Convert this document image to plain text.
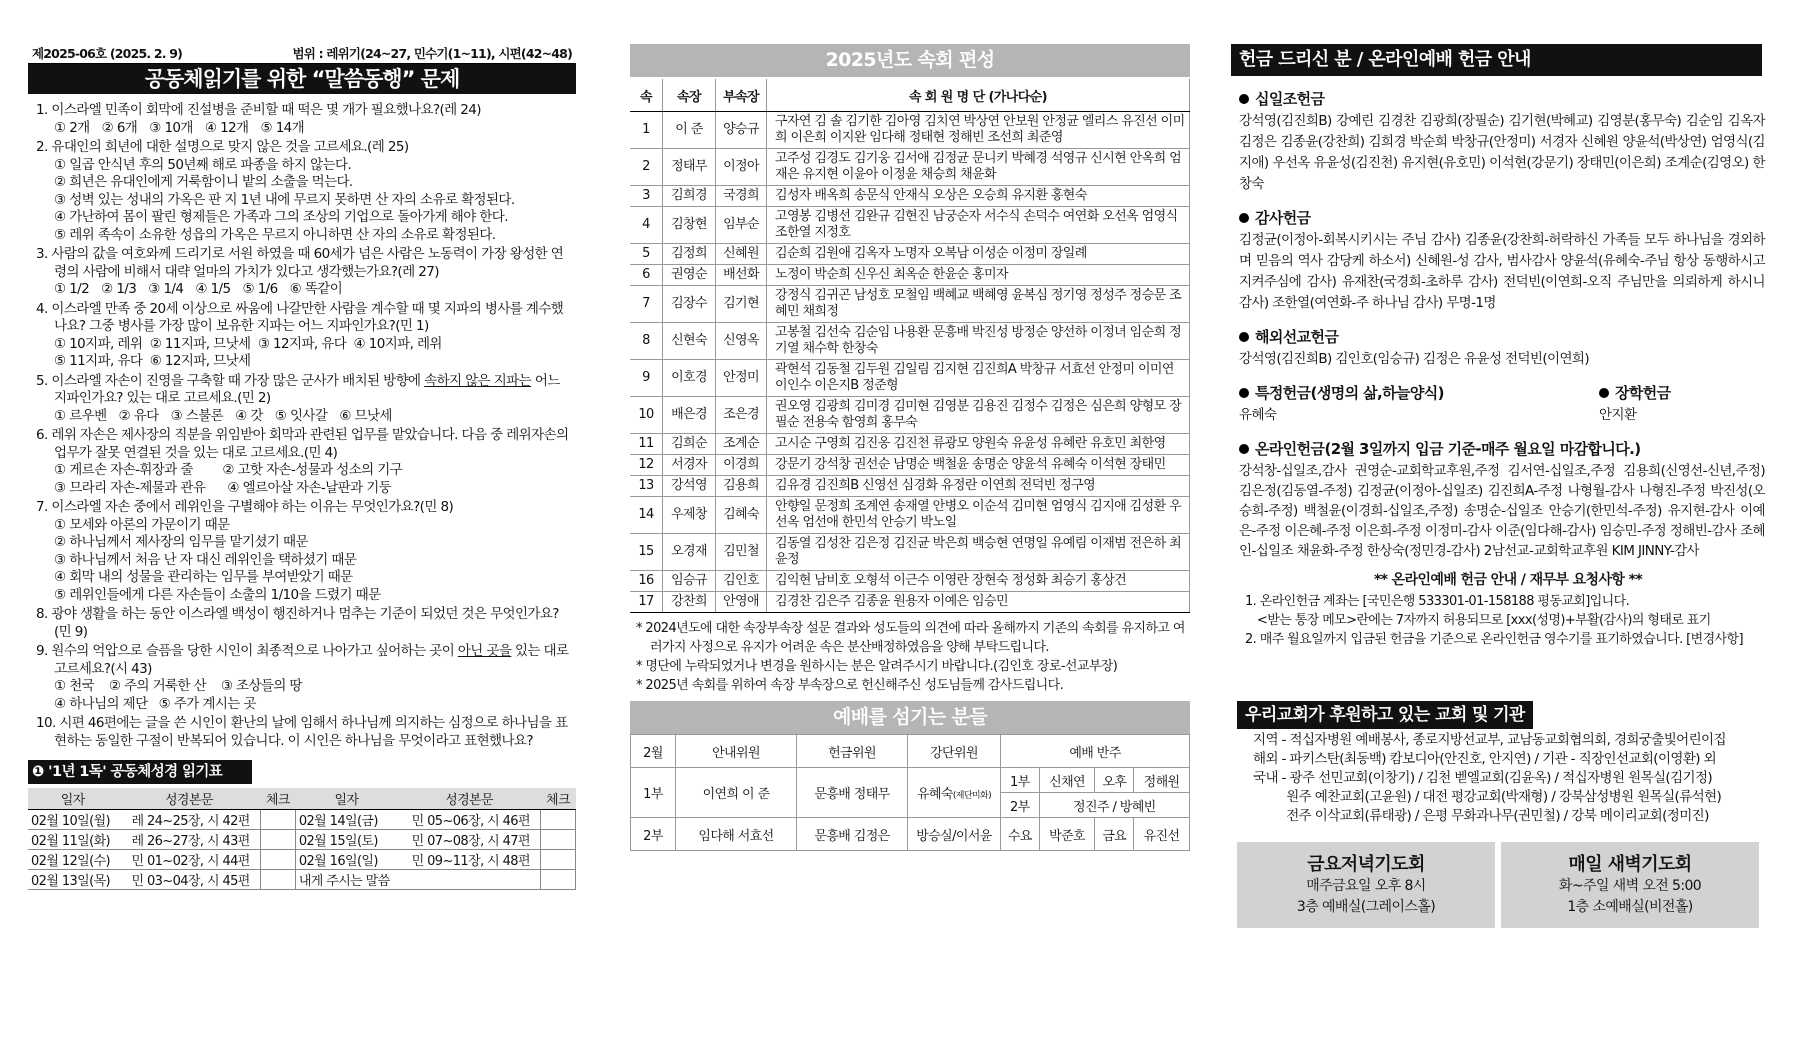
제2025-06호 (2025. 2. 9)	범위 : 레위기(24~27, 민수기(1~11), 시편(42~48)
공동체읽기를 위한 “말씀동행” 문제
1. 이스라엘 민족이 회막에 진설병을 준비할 때 떡은 몇 개가 필요했나요?(레 24)
① 2개 ② 6개 ③ 10개 ④ 12개 ⑤ 14개
2. 유대인의 희년에 대한 설명으로 맞지 않은 것을 고르세요.(레 25)
① 일곱 안식년 후의 50년째 해로 파종을 하지 않는다.
② 희년은 유대인에게 거룩함이니 밭의 소출을 먹는다.
③ 성벽 있는 성내의 가옥은 판 지 1년 내에 무르지 못하면 산 자의 소유로 확정된다.
④ 가난하여 몸이 팔린 형제들은 가족과 그의 조상의 기업으로 돌아가게 해야 한다.
⑤ 레위 족속이 소유한 성읍의 가옥은 무르지 아니하면 산 자의 소유로 확정된다.
3. 사람의 값을 여호와께 드리기로 서원 하였을 때 60세가 넘은 사람은 노동력이 가장 왕성한 연령의 사람에 비해서 대략 얼마의 가치가 있다고 생각했는가요?(레 27)
① 1/2 ② 1/3 ③ 1/4 ④ 1/5 ⑤ 1/6 ⑥ 똑같이
4. 이스라엘 만족 중 20세 이상으로 싸움에 나갈만한 사람을 계수할 때 몇 지파의 병사를 계수했나요? 그중 병사를 가장 많이 보유한 지파는 어느 지파인가요?(민 1)
① 10지파, 레위  ② 11지파, 므낫세  ③ 12지파, 유다  ④ 10지파, 레위
⑤ 11지파, 유다  ⑥ 12지파, 므낫세
5. 이스라엘 자손이 진영을 구축할 때 가장 많은 군사가 배치된 방향에 속하지 않은 지파는 어느 지파인가요? 있는 대로 고르세요.(민 2)
① 르우벤 ② 유다 ③ 스불론 ④ 갓 ⑤ 잇사갈 ⑥ 므낫세
6. 레위 자손은 제사장의 직분을 위임받아 회막과 관련된 업무를 맡았습니다. 다음 중 레위자손의 업무가 잘못 연결된 것을 있는 대로 고르세요.(민 4)
① 게르손 자손-휘장과 줄        ② 고핫 자손-성물과 성소의 기구
③ 므라리 자손-제물과 관유      ④ 엘르아살 자손-날판과 기둥
7. 이스라엘 자손 중에서 레위인을 구별해야 하는 이유는 무엇인가요?(민 8)
① 모세와 아론의 가문이기 때문
② 하나님께서 제사장의 임무를 맡기셨기 때문
③ 하나님께서 처음 난 자 대신 레위인을 택하셨기 때문
④ 회막 내의 성물을 관리하는 임무를 부여받았기 때문
⑤ 레위인들에게 다른 자손들이 소출의 1/10을 드렸기 때문
8. 광야 생활을 하는 동안 이스라엘 백성이 행진하거나 멈추는 기준이 되었던 것은 무엇인가요?(민 9)
9. 원수의 억압으로 슬픔을 당한 시인이 최종적으로 나아가고 싶어하는 곳이 아닌 곳을 있는 대로 고르세요?(시 43)
① 천국    ② 주의 거룩한 산    ③ 조상들의 땅
④ 하나님의 제단   ⑤ 주가 계시는 곳
10. 시편 46편에는 글을 쓴 시인이 환난의 날에 임해서 하나님께 의지하는 심정으로 하나님을 표현하는 동일한 구절이 반복되어 있습니다. 이 시인은 하나님을 무엇이라고 표현했나요?
❶ '1년 1독' 공동체성경 읽기표
일자	성경본문	체크	일자	성경본문	체크
02월 10일(월)	레 24~25장, 시 42편		02월 14일(금)	민 05~06장, 시 46편	
02월 11일(화)	레 26~27장, 시 43편		02월 15일(토)	민 07~08장, 시 47편	
02월 12일(수)	민 01~02장, 시 44편		02월 16일(일)	민 09~11장, 시 48편	
02월 13일(목)	민 03~04장, 시 45편		내게 주시는 말씀		
2025년도 속회 편성
속	속장	부속장	속 회 원 명 단 (가나다순)
1	이 준	양승규	구자연 김 솔 김기한 김아영 김치연 박상연 안보원 안정균 엘리스 유진선 이미희 이은희 이지완 임다해 정태현 정해빈 조선희 최준영
2	정태무	이정아	고주성 김경도 김기웅 김서애 김정균 문니키 박혜경 석영규 신시현 안옥희 엄재은 유지현 이윤아 이정윤 채승희 채윤화
3	김희경	국경희	김성자 배옥희 송문식 안재식 오상은 오승희 유지환 홍현숙
4	김창현	임부순	고영봉 김병선 김완규 김현진 남궁순자 서수식 손덕수 여연화 오선옥 엄영식 조한열 지정호
5	김정희	신혜원	김순희 김원애 김옥자 노명자 오복남 이성순 이정미 장일례
6	권영순	배선화	노정이 박순희 신우신 최옥순 한윤순 홍미자
7	김장수	김기현	강정식 김귀곤 남성호 모철임 백혜교 백혜영 윤복심 정기영 정성주 정승문 조혜민 채희정
8	신현숙	신영옥	고봉철 김선숙 김순임 나용환 문흥배 박진성 방정순 양선하 이정녀 임순희 정기열 채수학 한창숙
9	이호경	안정미	곽현석 김동철 김두원 김일림 김지현 김진희A 박창규 서효선 안정미 이미연 이인수 이은지B 정준형
10	배은경	조은경	권오영 김광희 김미경 김미현 김영분 김용진 김정수 김정은 심은희 양형모 장필순 전용숙 함영희 홍무숙
11	김희순	조계순	고시순 구영희 김진옹 김진천 류광모 양원숙 유윤성 유혜란 유호민 최한영
12	서경자	이경희	강문기 강석창 권선순 남명순 백철윤 송명순 양윤석 유혜숙 이석현 장태민
13	강석영	김용희	김유경 김진희B 신영선 심경화 유정란 이연희 전덕빈 정구영
14	우제창	김혜숙	안향일 문정희 조계연 송재열 안병오 이순석 김미현 엄영식 김지애 김성환 우선옥 엄선애 한민석 안승기 박노일
15	오경재	김민철	김동열 김성찬 김은정 김진균 박은희 백승현 연명일 유예림 이재범 전은하 최윤정
16	임승규	김인호	김익현 남비호 오형석 이근수 이영란 장현숙 정성화 최승기 홍상건
17	강찬희	안영애	김경찬 김은주 김종윤 원용자 이예은 임승민
* 2024년도에 대한 속장부속장 설문 결과와 성도들의 의견에 따라 올해까지 기존의 속회를 유지하고 여러가지 사정으로 유지가 어려운 속은 분산배정하였음을 양해 부탁드립니다.
* 명단에 누락되었거나 변경을 원하시는 분은 알려주시기 바랍니다.(김인호 장로-선교부장)
* 2025년 속회를 위하여 속장 부속장으로 헌신해주신 성도님들께 감사드립니다.
예배를 섬기는 분들
2월	안내위원	헌금위원	강단위원	예배 반주			
1부	이연희 이 준	문흥배 정태무	유혜숙(제단미화)	1부	신채연	오후	정해원
				2부	정진주 / 방혜빈		
2부	임다해 서효선	문흥배 김정은	방승실/이서윤	수요	박준호	금요	유진선

헌금 드리신 분 / 온라인예배 헌금 안내
십일조헌금
강석영(김진희B) 강예린 김경찬 김광희(장필순) 김기현(박혜교) 김영분(홍무숙) 김순임 김옥자 김정은 김종윤(강찬희) 김희경 박순희 박창규(안정미) 서경자 신혜원 양윤석(박상연) 엄영식(김지애) 우선옥 유윤성(김진천) 유지현(유호민) 이석현(강문기) 장태민(이은희) 조계순(김영오) 한창숙
감사헌금
김정균(이정아-회복시키시는 주님 감사) 김종윤(강찬희-허락하신 가족들 모두 하나님을 경외하며 믿음의 역사 감당케 하소서) 신혜원-성 감사, 범사감사 양윤석(유혜숙-주님 항상 동행하시고 지켜주심에 감사) 유재찬(국경희-초하루 감사) 전덕빈(이연희-오직 주님만을 의뢰하게 하시니 감사) 조한열(여연화-주 하나님 감사) 무명-1명
해외선교헌금
강석영(김진희B) 김인호(임승규) 김정은 유윤성 전덕빈(이연희)
특정헌금(생명의 삶,하늘양식)
유혜숙
장학헌금
안지환
온라인헌금(2월 3일까지 입금 기준-매주 월요일 마감합니다.)
강석창-십일조,감사 권영순-교회학교후원,주정 김서연-십일조,주정 김용희(신영선-신년,주정) 김은정(김동열-주정) 김정균(이정아-십일조) 김진희A-주정 나형월-감사 나형진-주정 박진성(오승희-주정) 백철윤(이경희-십일조,주정) 송명순-십일조 안승기(한민석-주정) 유지현-감사 이예은-주정 이은혜-주정 이은희-주정 이정미-감사 이준(임다해-감사) 임승민-주정 정해빈-감사 조혜인-십일조 채윤화-주정 한상숙(정민경-감사) 2남선교-교회학교후원 KIM JINNY-감사
** 온라인예배 헌금 안내 / 재무부 요청사항 **
1. 온라인헌금 계좌는 [국민은행 533301-01-158188 평동교회]입니다.
<받는 통장 메모>란에는 7자까지 허용되므로 [xxx(성명)+부활(감사)의 형태로 표기
2. 매주 월요일까지 입금된 헌금을 기준으로 온라인헌금 영수기를 표기하였습니다. [변경사항]
우리교회가 후원하고 있는 교회 및 기관
지역 - 적십자병원 예배봉사, 종로지방선교부, 교남동교회협의회, 경희궁출빛어린이집
해외 - 파키스탄(최동백) 캄보디아(안진호, 안지연) / 기관 - 직장인선교회(이영환) 외
국내 - 광주 선민교회(이창기) / 김천 벧엘교회(김윤옥) / 적십자병원 원목실(김기정)
원주 예찬교회(고윤원) / 대전 평강교회(박재형) / 강북삼성병원 원목실(류석현)
전주 이삭교회(류태광) / 은평 무화과나무(권민철) / 강북 메이리교회(정미진)
금요저녁기도회
매주금요일 오후 8시
3층 예배실(그레이스홀)
매일 새벽기도회
화~주일 새벽 오전 5:00
1층 소예배실(비전홀)
